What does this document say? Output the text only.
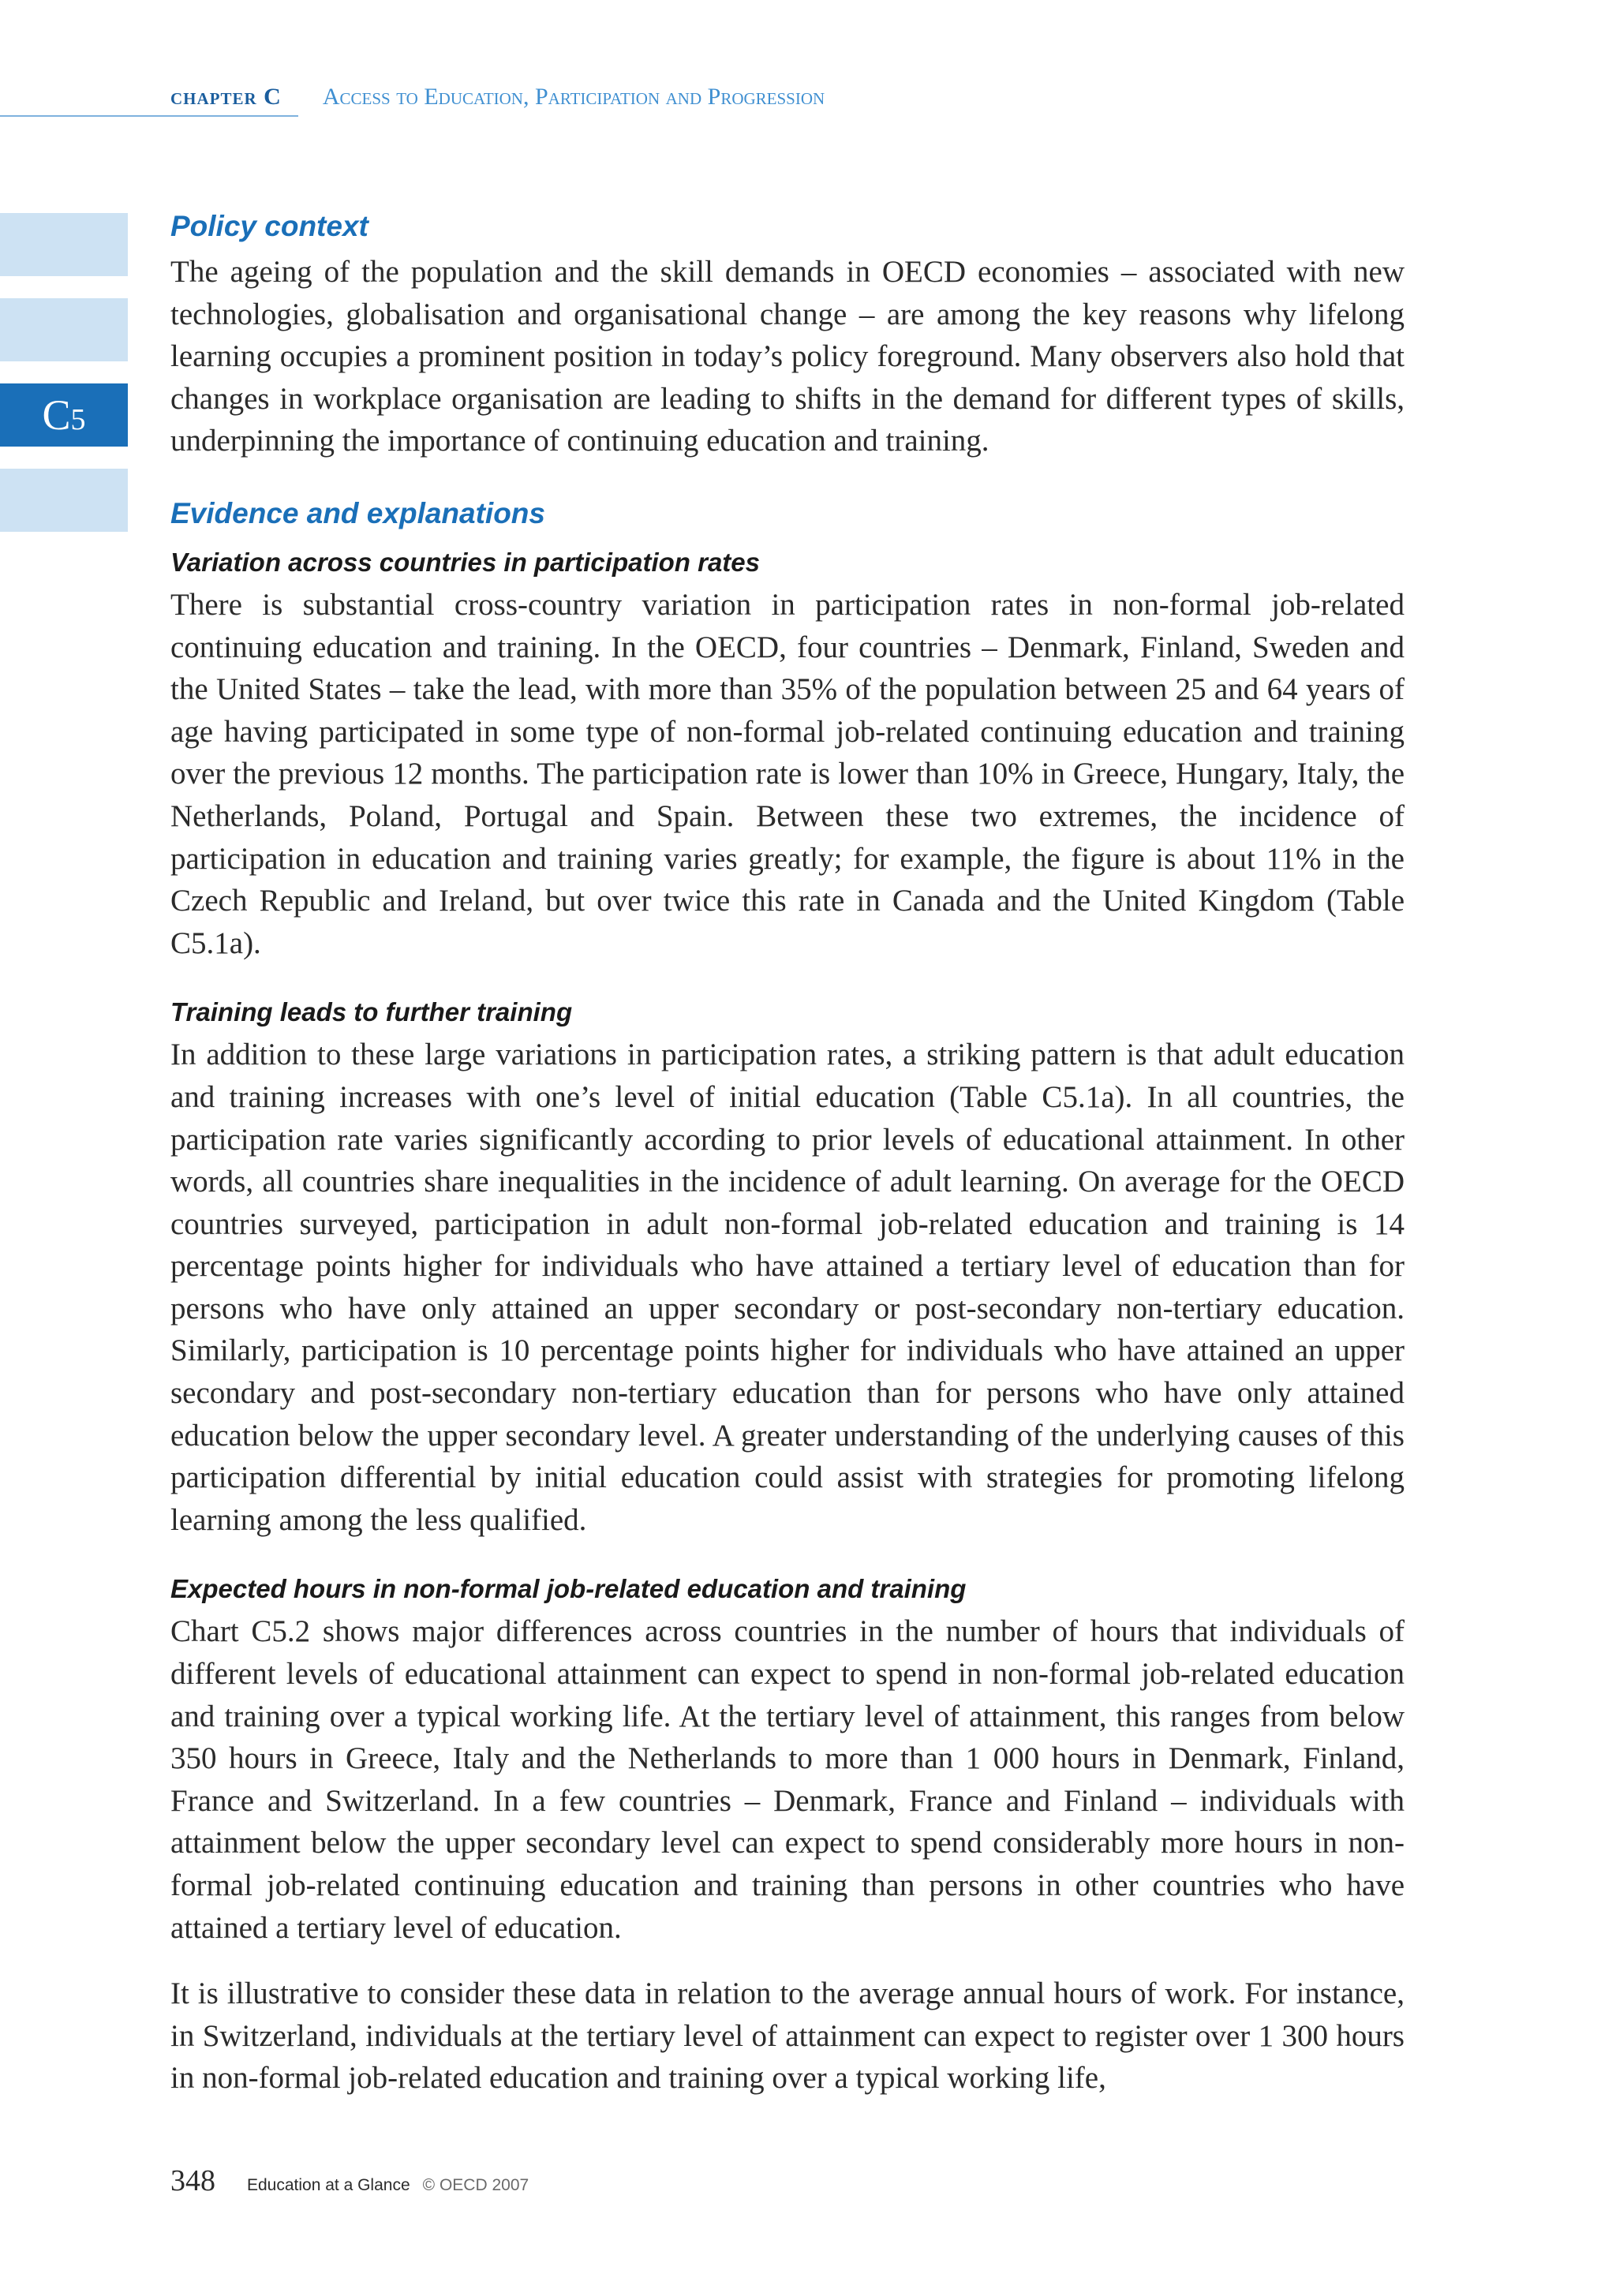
chapter C Access to Education, Participation and Progression
C5
Policy context

The ageing of the population and the skill demands in OECD economies – associated with new technologies, globalisation and organisational change – are among the key reasons why lifelong learning occupies a prominent position in today’s policy foreground. Many observers also hold that changes in workplace organisation are leading to shifts in the demand for different types of skills, underpinning the importance of continuing education and training.

Evidence and explanations
Variation across countries in participation rates

There is substantial cross-country variation in participation rates in non-formal job-related continuing education and training. In the OECD, four countries – Denmark, Finland, Sweden and the United States – take the lead, with more than 35% of the population between 25 and 64 years of age having participated in some type of non-formal job-related continuing education and training over the previous 12 months. The participation rate is lower than 10% in Greece, Hungary, Italy, the Netherlands, Poland, Portugal and Spain. Between these two extremes, the incidence of participation in education and training varies greatly; for example, the figure is about 11% in the Czech Republic and Ireland, but over twice this rate in Canada and the United Kingdom (Table C5.1a).

Training leads to further training

In addition to these large variations in participation rates, a striking pattern is that adult education and training increases with one’s level of initial education (Table C5.1a). In all countries, the participation rate varies significantly according to prior levels of educational attainment. In other words, all countries share inequalities in the incidence of adult learning. On average for the OECD countries surveyed, participation in adult non-formal job-related education and training is 14 percentage points higher for individuals who have attained a tertiary level of education than for persons who have only attained an upper secondary or post-secondary non-tertiary education. Similarly, participation is 10 percentage points higher for individuals who have attained an upper secondary and post-secondary non-tertiary education than for persons who have only attained education below the upper secondary level. A greater understanding of the underlying causes of this participation differential by initial education could assist with strategies for promoting lifelong learning among the less qualified.

Expected hours in non-formal job-related education and training

Chart C5.2 shows major differences across countries in the number of hours that individuals of different levels of educational attainment can expect to spend in non-formal job-related education and training over a typical working life. At the tertiary level of attainment, this ranges from below 350 hours in Greece, Italy and the Netherlands to more than 1 000 hours in Denmark, Finland, France and Switzerland. In a few countries – Denmark, France and Finland – individuals with attainment below the upper secondary level can expect to spend considerably more hours in non-formal job-related continuing education and training than persons in other countries who have attained a tertiary level of education.

It is illustrative to consider these data in relation to the average annual hours of work. For instance, in Switzerland, individuals at the tertiary level of attainment can expect to register over 1 300 hours in non-formal job-related education and training over a typical working life,

348 Education at a Glance © OECD 2007
